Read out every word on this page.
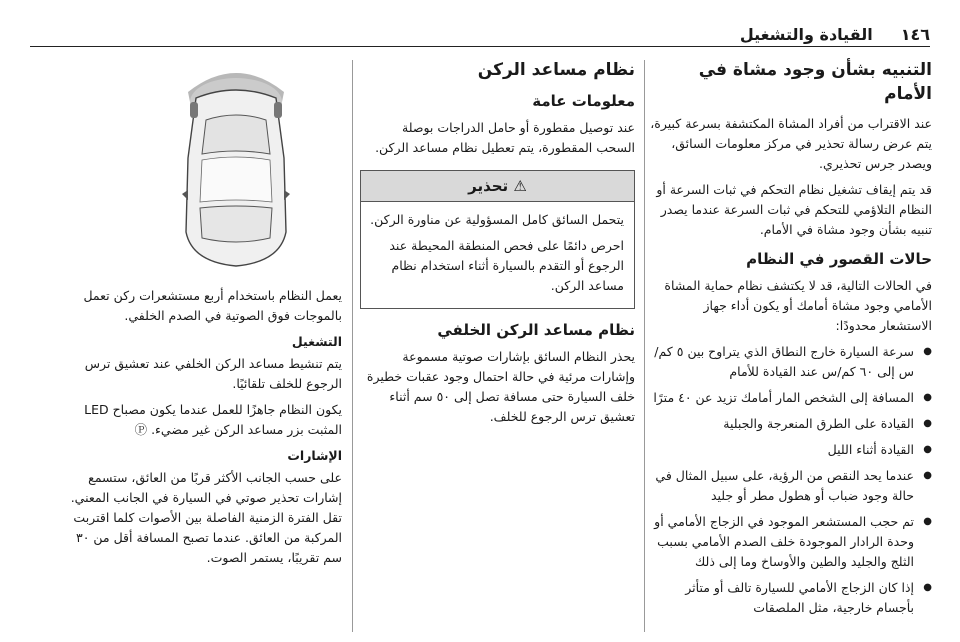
١٤٦
القيادة والتشغيل
التنبيه بشأن وجود مشاة في الأمام
عند الاقتراب من أفراد المشاة المكتشفة بسرعة كبيرة، يتم عرض رسالة تحذير في مركز معلومات السائق، ويصدر جرس تحذيري.
قد يتم إيقاف تشغيل نظام التحكم في ثبات السرعة أو النظام التلاؤمي للتحكم في ثبات السرعة عندما يصدر تنبيه بشأن وجود مشاة في الأمام.
حالات القصور في النظام
في الحالات التالية، قد لا يكتشف نظام حماية المشاة الأمامي وجود مشاة أمامك أو يكون أداء جهاز الاستشعار محدودًا:
● سرعة السيارة خارج النطاق الذي يتراوح بين ٥ كم/س إلى ٦٠ كم/س عند القيادة للأمام
● المسافة إلى الشخص المار أمامك تزيد عن ٤٠ مترًا
● القيادة على الطرق المنعرجة والجبلية
● القيادة أثناء الليل
● عندما يحد النقص من الرؤية، على سبيل المثال في حالة وجود ضباب أو هطول مطر أو جليد
● تم حجب المستشعر الموجود في الزجاج الأمامي أو وحدة الرادار الموجودة خلف الصدم الأمامي بسبب الثلج والجليد والطين والأوساخ وما إلى ذلك
● إذا كان الزجاج الأمامي للسيارة تالف أو متأثر بأجسام خارجية، مثل الملصقات
نظام مساعد الركن
معلومات عامة
عند توصيل مقطورة أو حامل الدراجات بوصلة السحب المقطورة، يتم تعطيل نظام مساعد الركن.
⚠ تحذير
يتحمل السائق كامل المسؤولية عن مناورة الركن.
احرص دائمًا على فحص المنطقة المحيطة عند الرجوع أو التقدم بالسيارة أثناء استخدام نظام مساعد الركن.
نظام مساعد الركن الخلفي
يحذر النظام السائق بإشارات صوتية مسموعة وإشارات مرئية في حالة احتمال وجود عقبات خطيرة خلف السيارة حتى مسافة تصل إلى ٥٠ سم أثناء تعشيق ترس الرجوع للخلف.
يعمل النظام باستخدام أربع مستشعرات ركن تعمل بالموجات فوق الصوتية في الصدم الخلفي.
التشغيل
يتم تنشيط مساعد الركن الخلفي عند تعشيق ترس الرجوع للخلف تلقائيًا.
يكون النظام جاهزًا للعمل عندما يكون مصباح LED المثبت بزر مساعد الركن غير مضيء. Ⓟ
الإشارات
على حسب الجانب الأكثر قربًا من العائق، ستسمع إشارات تحذير صوتي في السيارة في الجانب المعني. تقل الفترة الزمنية الفاصلة بين الأصوات كلما اقتربت المركبة من العائق. عندما تصبح المسافة أقل من ٣٠ سم تقريبًا، يستمر الصوت.
